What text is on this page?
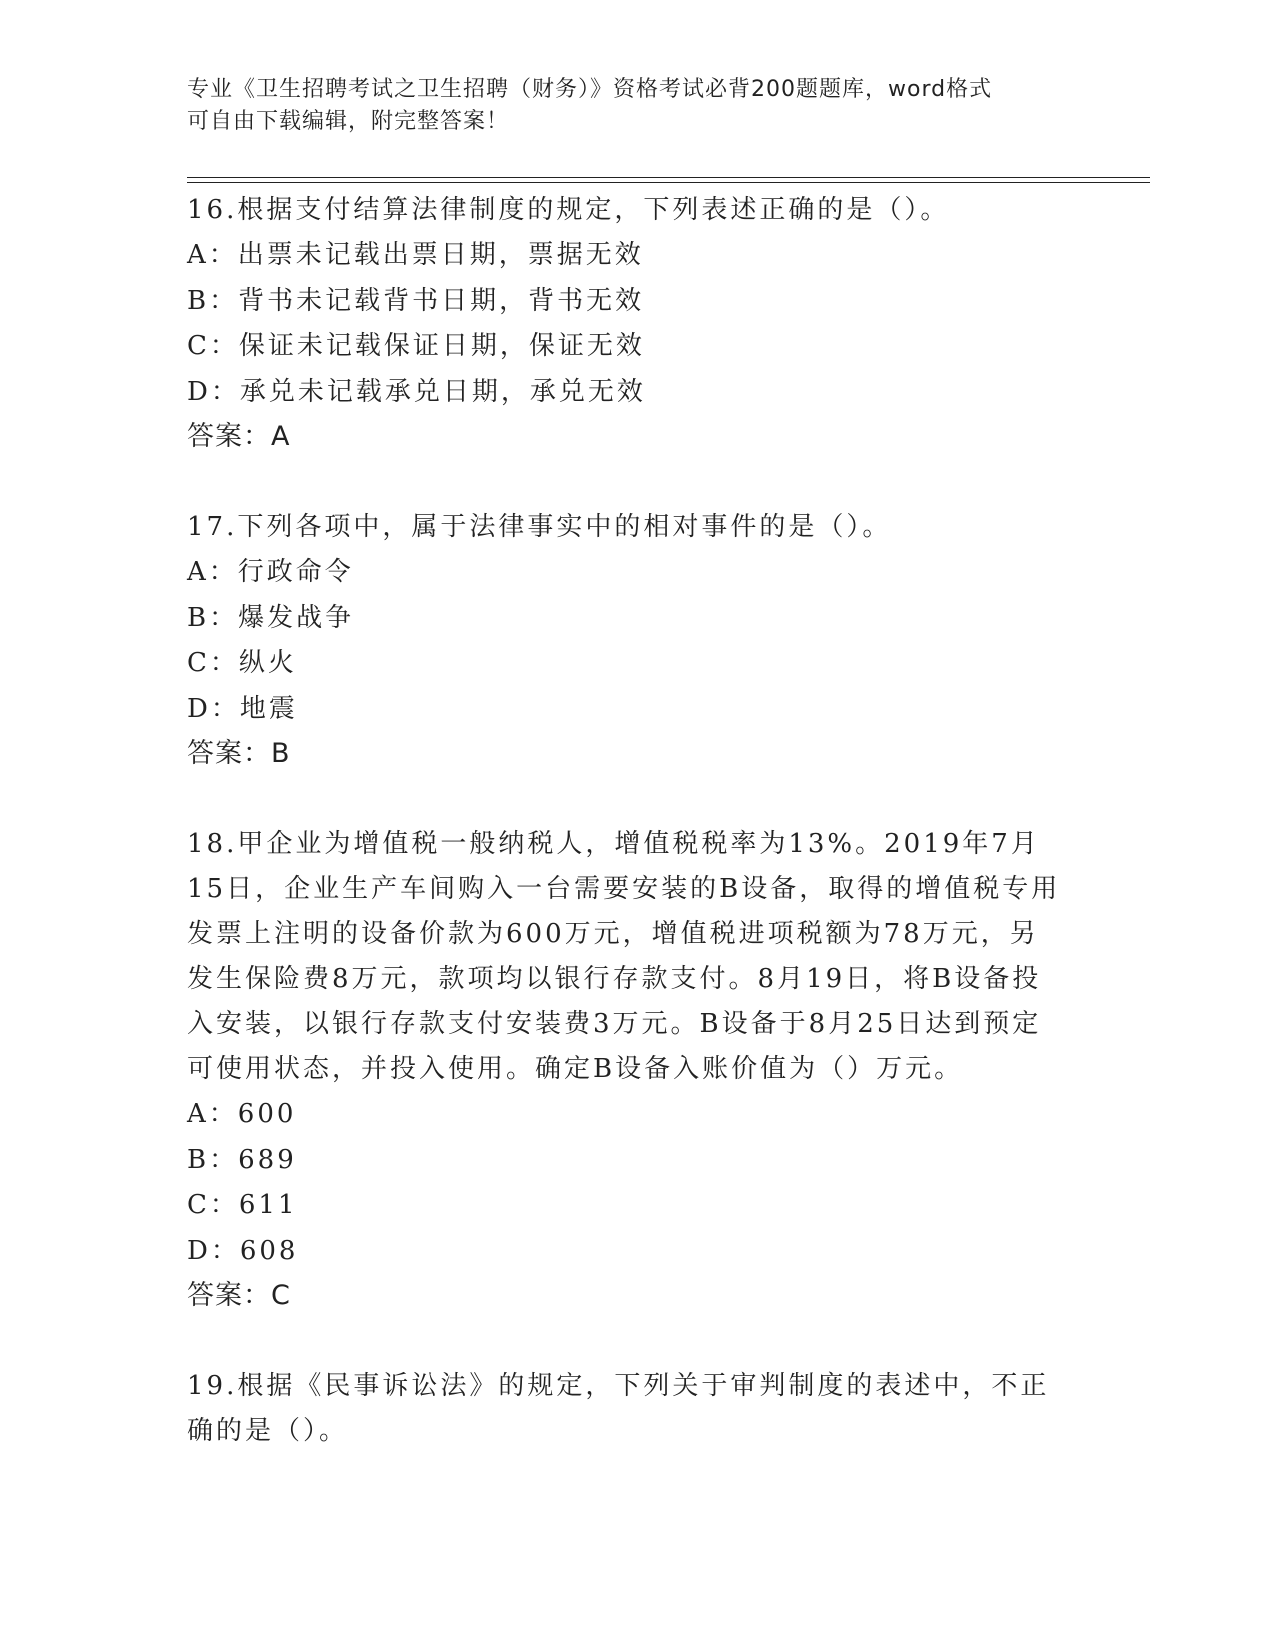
专业《卫生招聘考试之卫生招聘（财务）》资格考试必背200题题库，word格式
可自由下载编辑，附完整答案！
16.根据支付结算法律制度的规定，下列表述正确的是（）。
A：出票未记载出票日期，票据无效
B：背书未记载背书日期，背书无效
C：保证未记载保证日期，保证无效
D：承兑未记载承兑日期，承兑无效
答案：A
17.下列各项中，属于法律事实中的相对事件的是（）。
A：行政命令
B：爆发战争
C：纵火
D：地震
答案：B
18.甲企业为增值税一般纳税人，增值税税率为13%。2019年7月15日，企业生产车间购入一台需要安装的B设备，取得的增值税专用发票上注明的设备价款为600万元，增值税进项税额为78万元，另发生保险费8万元，款项均以银行存款支付。8月19日，将B设备投入安装，以银行存款支付安装费3万元。B设备于8月25日达到预定可使用状态，并投入使用。确定B设备入账价值为（）万元。
A：600
B：689
C：611
D：608
答案：C
19.根据《民事诉讼法》的规定，下列关于审判制度的表述中，不正确的是（）。
